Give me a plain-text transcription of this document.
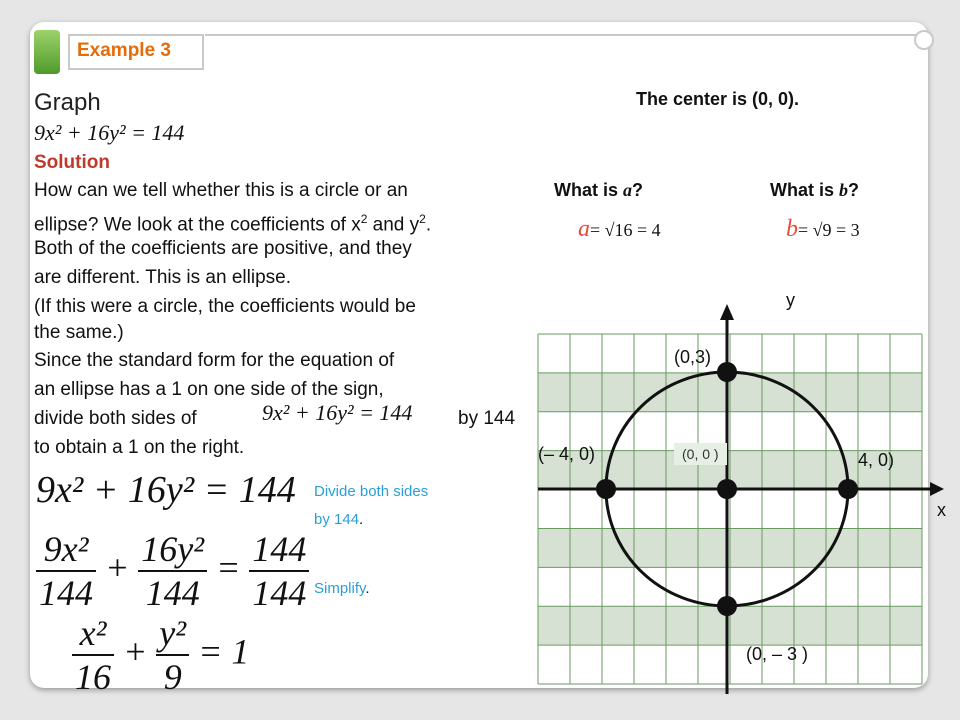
Example 3
Graph
9x² + 16y² = 144
Solution
How can we tell whether this is a circle or an
ellipse? We look at the coefficients of $x^2$ and $y^2$.
Both of the coefficients are positive, and they
are different. This is an ellipse.
(If this were a circle, the coefficients would be
the same.)
Since the standard form for the equation of
an ellipse has a 1 on one side of the sign,
divide both sides of	9x² + 16y² = 144 by 144
to obtain a 1 on the right.
9x² + 16y² = 144
$\frac{\text{9x²}}{144} + \frac{\text{16y²}}{144} = \frac{144}{144}$
$\frac{\text{x²}}{16} + \frac{\text{y²}}{9} = 1$
Divide both sides
by 144.
Simplify.
The center is (0, 0).
What is a?	What is b?
a= √16 = 4	b= √9 = 3
y
x
(0,3)
(– 4, 0)	4, 0)
(0, 0 )
(0, – 3 )
